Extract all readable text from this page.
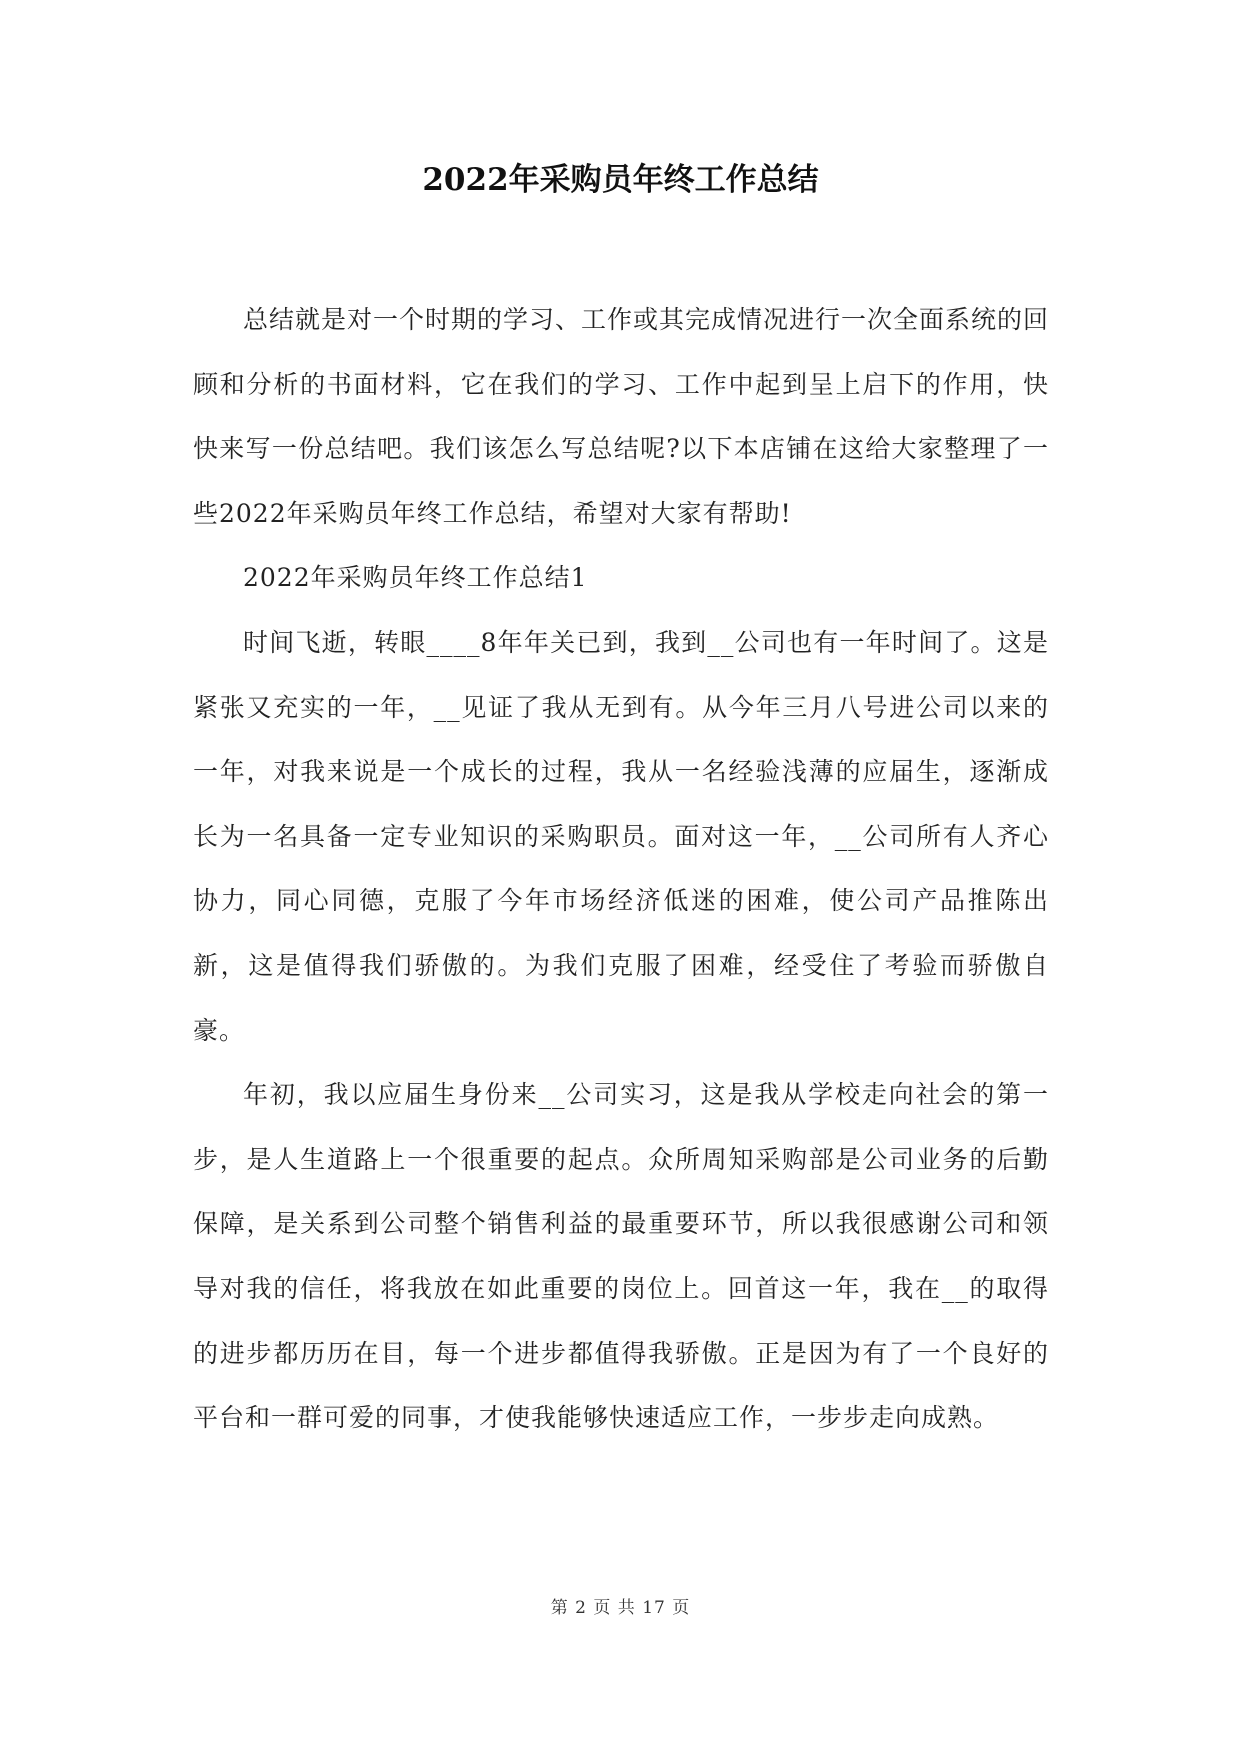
2022年采购员年终工作总结

总结就是对一个时期的学习、工作或其完成情况进行一次全面系统的回顾和分析的书面材料，它在我们的学习、工作中起到呈上启下的作用，快快来写一份总结吧。我们该怎么写总结呢?以下本店铺在这给大家整理了一些2022年采购员年终工作总结，希望对大家有帮助!

2022年采购员年终工作总结1

时间飞逝，转眼____8年年关已到，我到__公司也有一年时间了。这是紧张又充实的一年，__见证了我从无到有。从今年三月八号进公司以来的一年，对我来说是一个成长的过程，我从一名经验浅薄的应届生，逐渐成长为一名具备一定专业知识的采购职员。面对这一年，__公司所有人齐心协力，同心同德，克服了今年市场经济低迷的困难，使公司产品推陈出新，这是值得我们骄傲的。为我们克服了困难，经受住了考验而骄傲自豪。

年初，我以应届生身份来__公司实习，这是我从学校走向社会的第一步，是人生道路上一个很重要的起点。众所周知采购部是公司业务的后勤保障，是关系到公司整个销售利益的最重要环节，所以我很感谢公司和领导对我的信任，将我放在如此重要的岗位上。回首这一年，我在__的取得的进步都历历在目，每一个进步都值得我骄傲。正是因为有了一个良好的平台和一群可爱的同事，才使我能够快速适应工作，一步步走向成熟。

第 2 页 共 17 页
